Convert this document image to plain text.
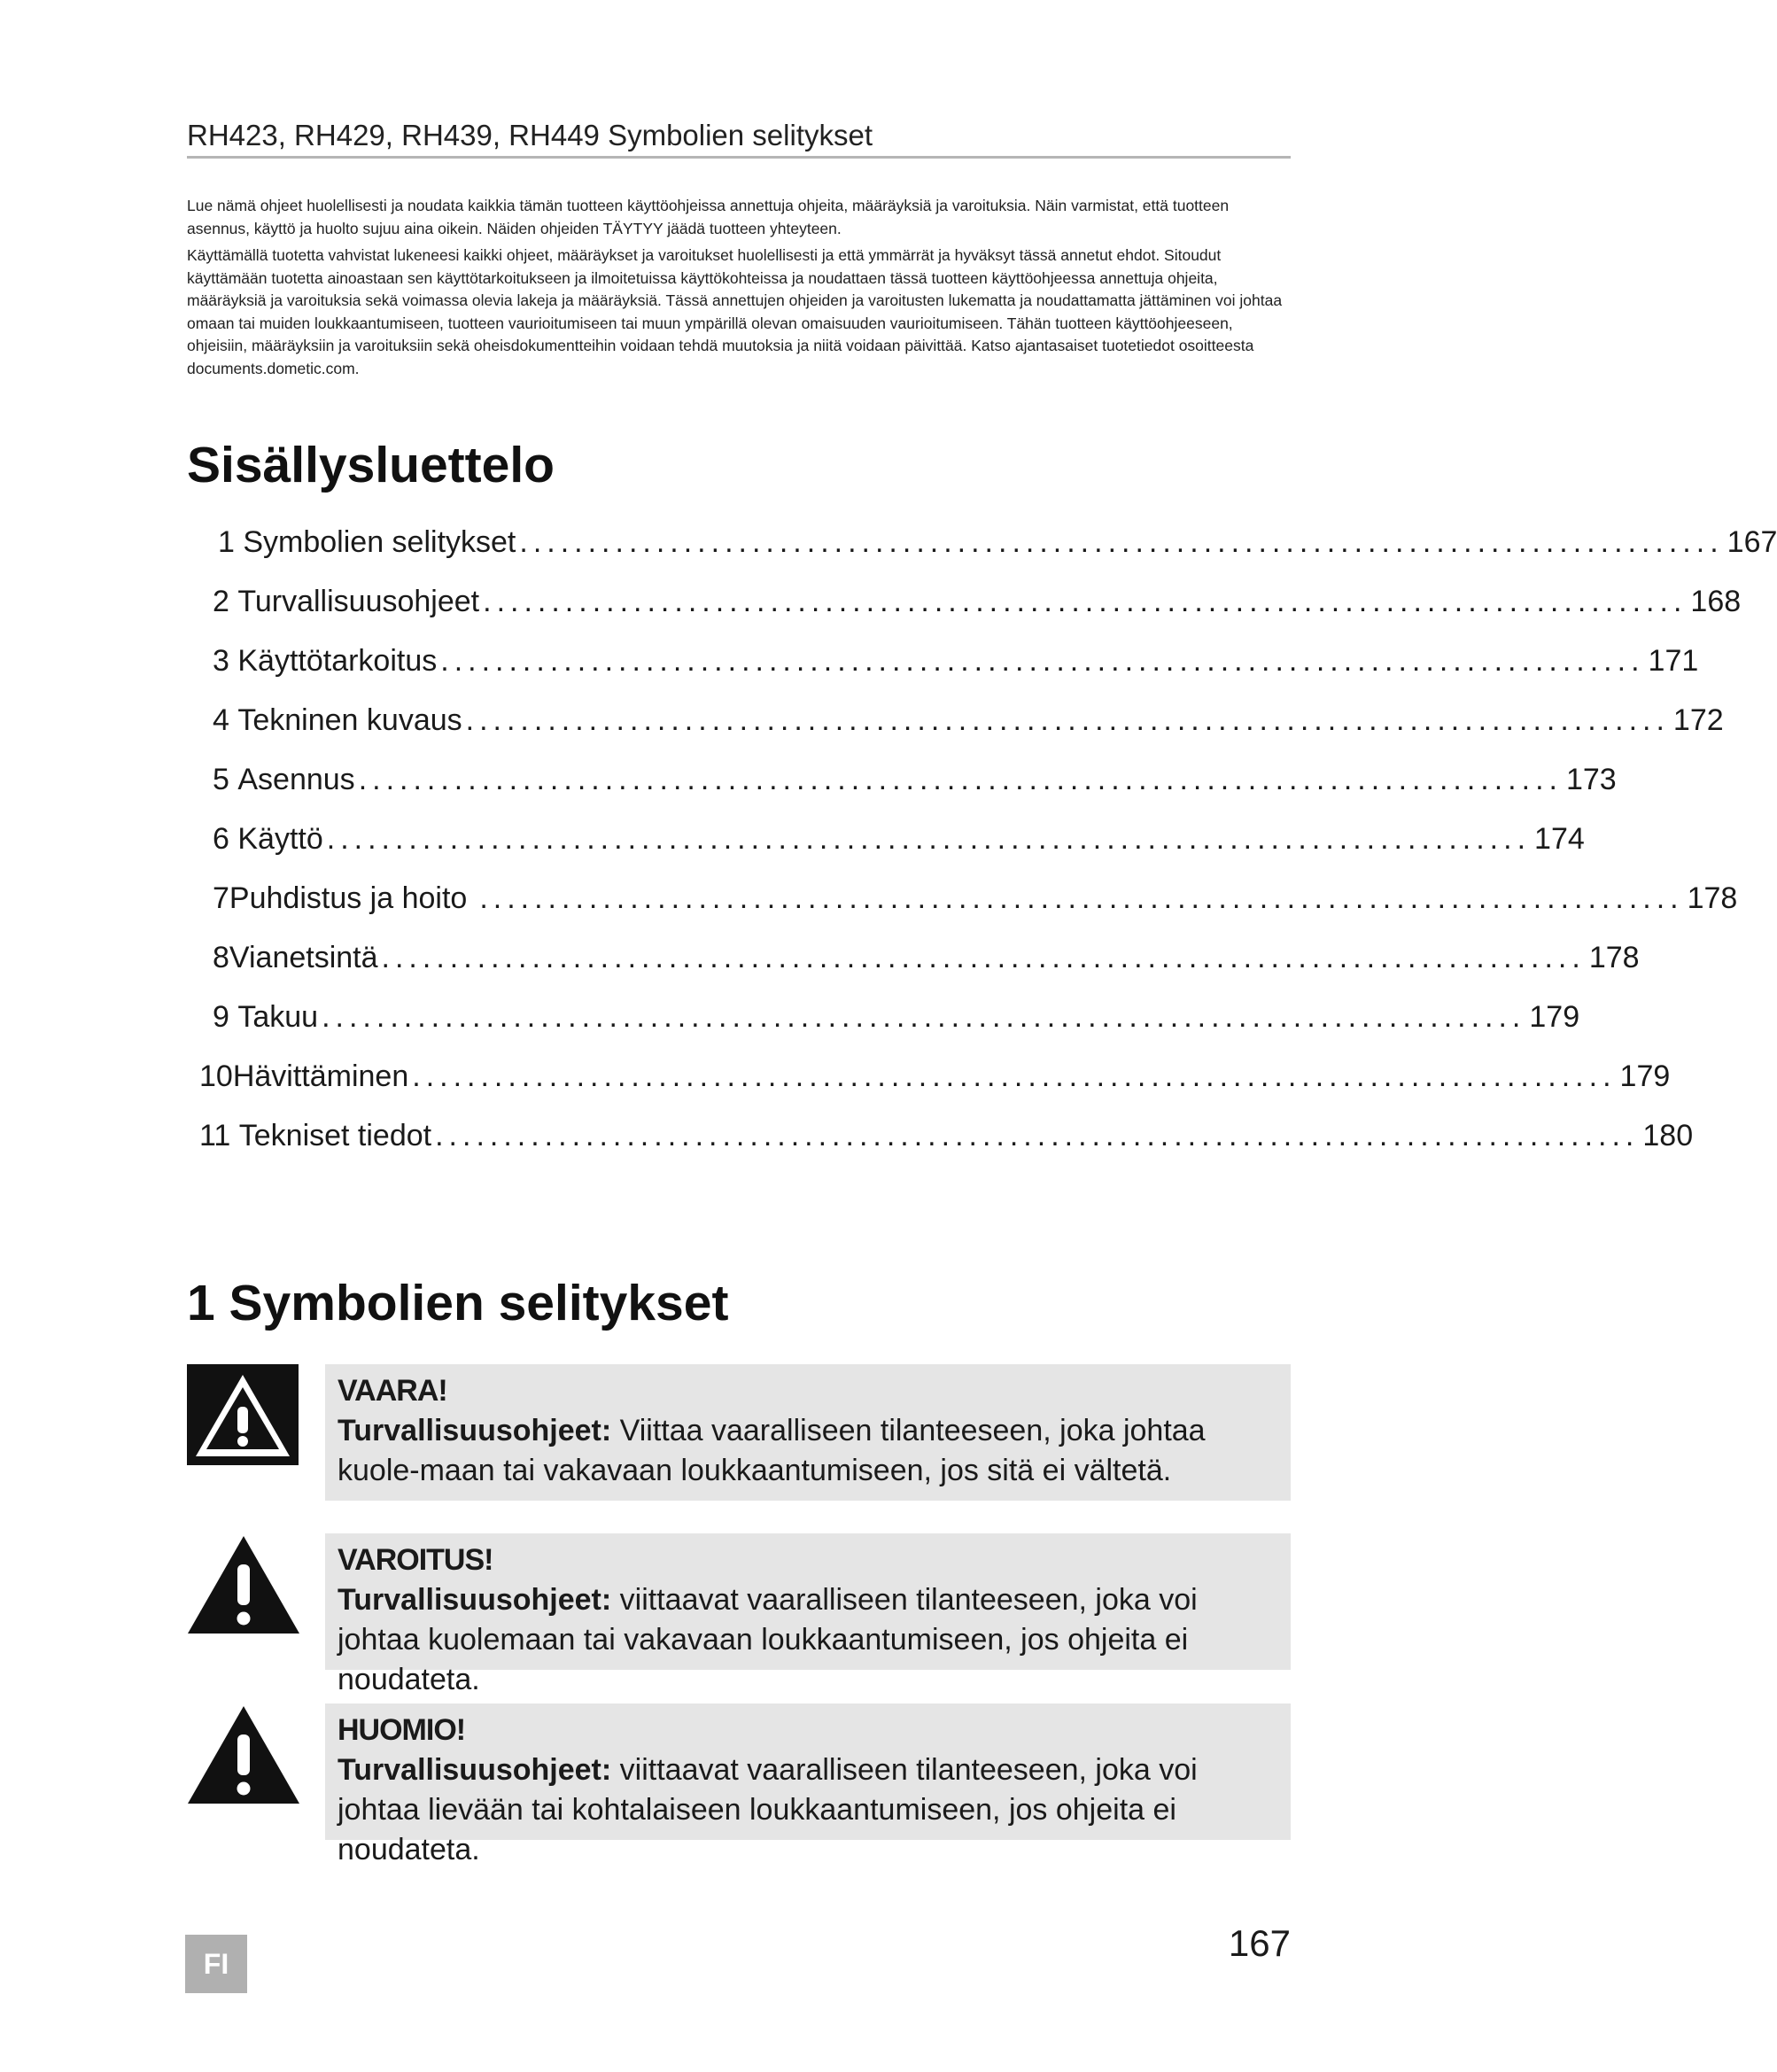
RH423, RH429, RH439, RH449 Symbolien selitykset

Lue nämä ohjeet huolellisesti ja noudata kaikkia tämän tuotteen käyttöohjeissa annettuja ohjeita, määräyksiä ja varoituksia. Näin varmistat, että tuotteen asennus, käyttö ja huolto sujuu aina oikein. Näiden ohjeiden TÄYTYY jäädä tuotteen yhteyteen.

Käyttämällä tuotetta vahvistat lukeneesi kaikki ohjeet, määräykset ja varoitukset huolellisesti ja että ymmärrät ja hyväksyt tässä annetut ehdot. Sitoudut käyttämään tuotetta ainoastaan sen käyttötarkoitukseen ja ilmoitetuissa käyttökohteissa ja noudattaen tässä tuotteen käyttöohjeessa annettuja ohjeita, määräyksiä ja varoituksia sekä voimassa olevia lakeja ja määräyksiä. Tässä annettujen ohjeiden ja varoitusten lukematta ja noudattamatta jättäminen voi johtaa omaan tai muiden loukkaantumiseen, tuotteen vaurioitumiseen tai muun ympärillä olevan omaisuuden vaurioitumiseen. Tähän tuotteen käyttöohjeeseen, ohjeisiin, määräyksiin ja varoituksiin sekä oheisdokumentteihin voidaan tehdä muutoksia ja niitä voidaan päivittää. Katso ajantasaiset tuotetiedot osoitteesta documents.dometic.com.

Sisällysluettelo
1 Symbolien selitykset ........................................................................................ 167
2 Turvallisuusohjeet ........................................................................................ 168
3 Käyttötarkoitus ........................................................................................ 171
4 Tekninen kuvaus ........................................................................................ 172
5 Asennus ........................................................................................ 173
6 Käyttö ........................................................................................ 174
7 Puhdistus ja hoito ........................................................................................ 178
8 Vianetsintä ........................................................................................ 178
9 Takuu ........................................................................................ 179
10 Hävittäminen ........................................................................................ 179
11 Tekniset tiedot ........................................................................................ 180
1 Symbolien selitykset
VAARA!
Turvallisuusohjeet: Viittaa vaaralliseen tilanteeseen, joka johtaa kuole-maan tai vakavaan loukkaantumiseen, jos sitä ei vältetä.
VAROITUS!
Turvallisuusohjeet: viittaavat vaaralliseen tilanteeseen, joka voi johtaa kuolemaan tai vakavaan loukkaantumiseen, jos ohjeita ei noudateta.
HUOMIO!
Turvallisuusohjeet: viittaavat vaaralliseen tilanteeseen, joka voi johtaa lievään tai kohtalaiseen loukkaantumiseen, jos ohjeita ei noudateta.
FI	167
